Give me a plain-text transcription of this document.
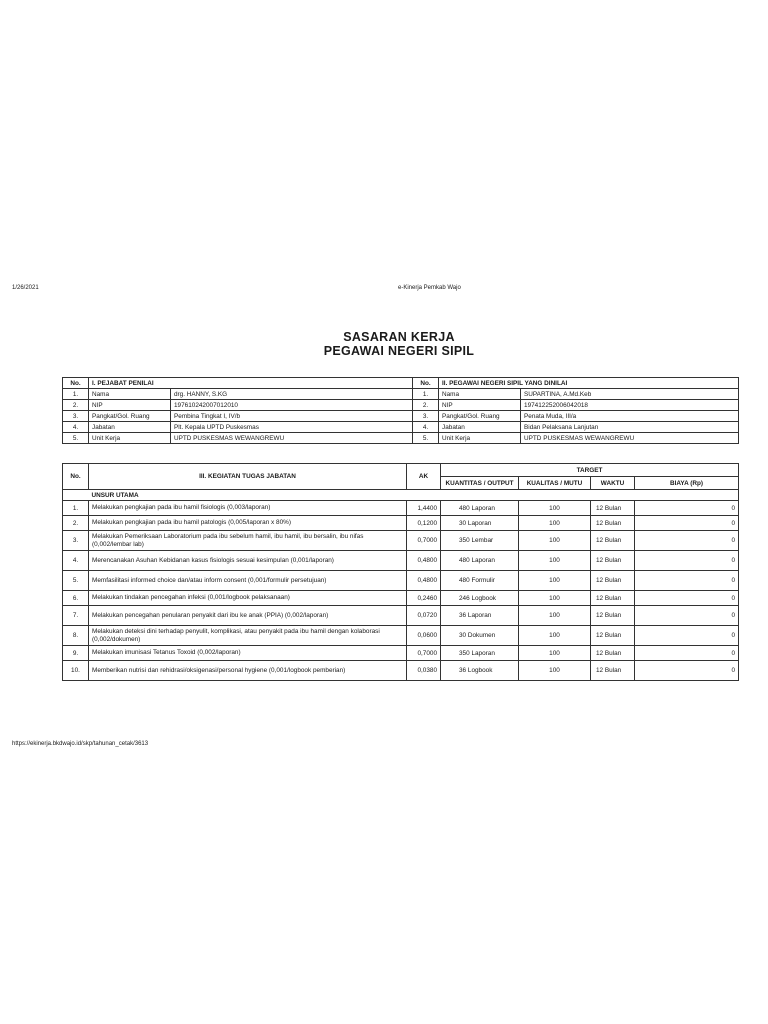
1/26/2021	e-Kinerja Pemkab Wajo
SASARAN KERJA
PEGAWAI NEGERI SIPIL
No.	I. PEJABAT PENILAI		No.	II. PEGAWAI NEGERI SIPIL YANG DINILAI	
1.	Nama	drg. HANNY, S.KG	1.	Nama	SUPARTINA, A.Md.Keb
2.	NIP	197610242007012010	2.	NIP	197412252006042018
3.	Pangkat/Gol. Ruang	Pembina Tingkat I, IV/b	3.	Pangkat/Gol. Ruang	Penata Muda, III/a
4.	Jabatan	Plt. Kepala UPTD Puskesmas	4.	Jabatan	Bidan Pelaksana Lanjutan
5.	Unit Kerja	UPTD PUSKESMAS WEWANGREWU	5.	Unit Kerja	UPTD PUSKESMAS WEWANGREWU
No.	III. KEGIATAN TUGAS JABATAN	AK	TARGET			
			KUANTITAS / OUTPUT	KUALITAS / MUTU	WAKTU	BIAYA (Rp)
	UNSUR UTAMA					
1.	Melakukan pengkajian pada ibu hamil fisiologis (0,003/laporan)	1,4400	480 Laporan	100	12 Bulan	0
2.	Melakukan pengkajian pada ibu hamil patologis (0,005/laporan x 80%)	0,1200	30 Laporan	100	12 Bulan	0
3.	Melakukan Pemeriksaan Laboratorium pada ibu sebelum hamil, ibu hamil, ibu bersalin, ibu nifas (0,002/lembar lab)	0,7000	350 Lembar	100	12 Bulan	0
4.	Merencanakan Asuhan Kebidanan kasus fisiologis sesuai kesimpulan (0,001/laporan)	0,4800	480 Laporan	100	12 Bulan	0
5.	Memfasilitasi informed choice dan/atau inform consent (0,001/formulir persetujuan)	0,4800	480 Formulir	100	12 Bulan	0
6.	Melakukan tindakan pencegahan infeksi (0,001/logbook pelaksanaan)	0,2460	246 Logbook	100	12 Bulan	0
7.	Melakukan pencegahan penularan penyakit dari ibu ke anak (PPIA) (0,002/laporan)	0,0720	36 Laporan	100	12 Bulan	0
8.	Melakukan deteksi dini terhadap penyulit, komplikasi, atau penyakit pada ibu hamil dengan kolaborasi (0,002/dokumen)	0,0600	30 Dokumen	100	12 Bulan	0
9.	Melakukan imunisasi Tetanus Toxoid (0,002/laporan)	0,7000	350 Laporan	100	12 Bulan	0
10.	Memberikan nutrisi dan rehidrasi/oksigenasi/personal hygiene (0,001/logbook pemberian)	0,0380	36 Logbook	100	12 Bulan	0
https://ekinerja.bkdwajo.id/skp/tahunan_cetak/3613
